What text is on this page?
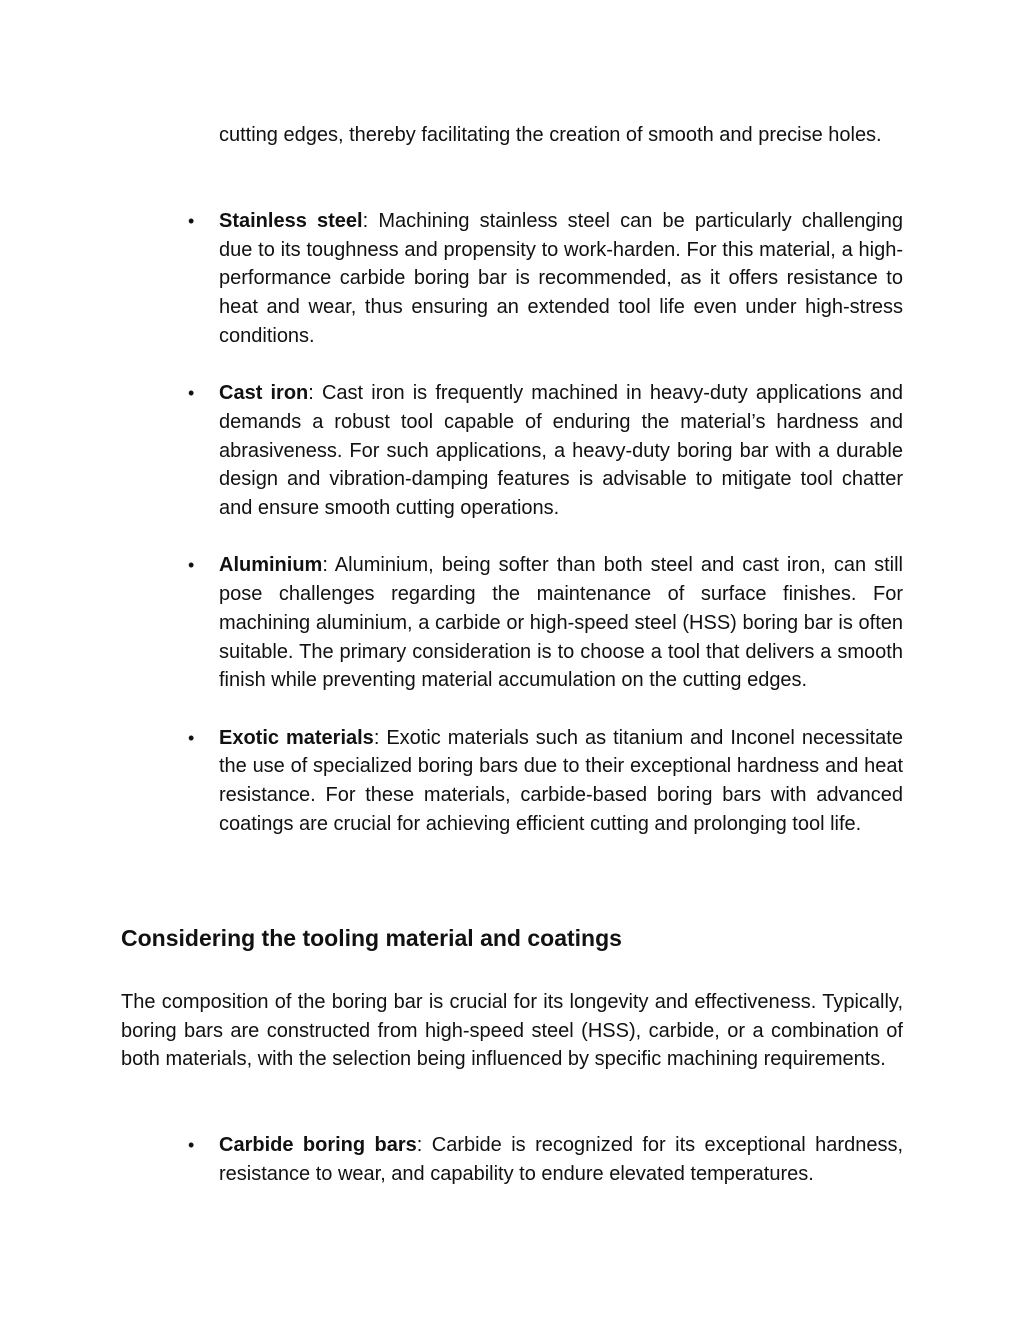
cutting edges, thereby facilitating the creation of smooth and precise holes.

• Stainless steel: Machining stainless steel can be particularly challenging due to its toughness and propensity to work-harden. For this material, a high-performance carbide boring bar is recommended, as it offers resistance to heat and wear, thus ensuring an extended tool life even under high-stress conditions.
• Cast iron: Cast iron is frequently machined in heavy-duty applications and demands a robust tool capable of enduring the material’s hardness and abrasiveness. For such applications, a heavy-duty boring bar with a durable design and vibration-damping features is advisable to mitigate tool chatter and ensure smooth cutting operations.
• Aluminium: Aluminium, being softer than both steel and cast iron, can still pose challenges regarding the maintenance of surface finishes. For machining aluminium, a carbide or high-speed steel (HSS) boring bar is often suitable. The primary consideration is to choose a tool that delivers a smooth finish while preventing material accumulation on the cutting edges.
• Exotic materials: Exotic materials such as titanium and Inconel necessitate the use of specialized boring bars due to their exceptional hardness and heat resistance. For these materials, carbide-based boring bars with advanced coatings are crucial for achieving efficient cutting and prolonging tool life.
Considering the tooling material and coatings

The composition of the boring bar is crucial for its longevity and effectiveness. Typically, boring bars are constructed from high-speed steel (HSS), carbide, or a combination of both materials, with the selection being influenced by specific machining requirements.

• Carbide boring bars: Carbide is recognized for its exceptional hardness, resistance to wear, and capability to endure elevated temperatures.
